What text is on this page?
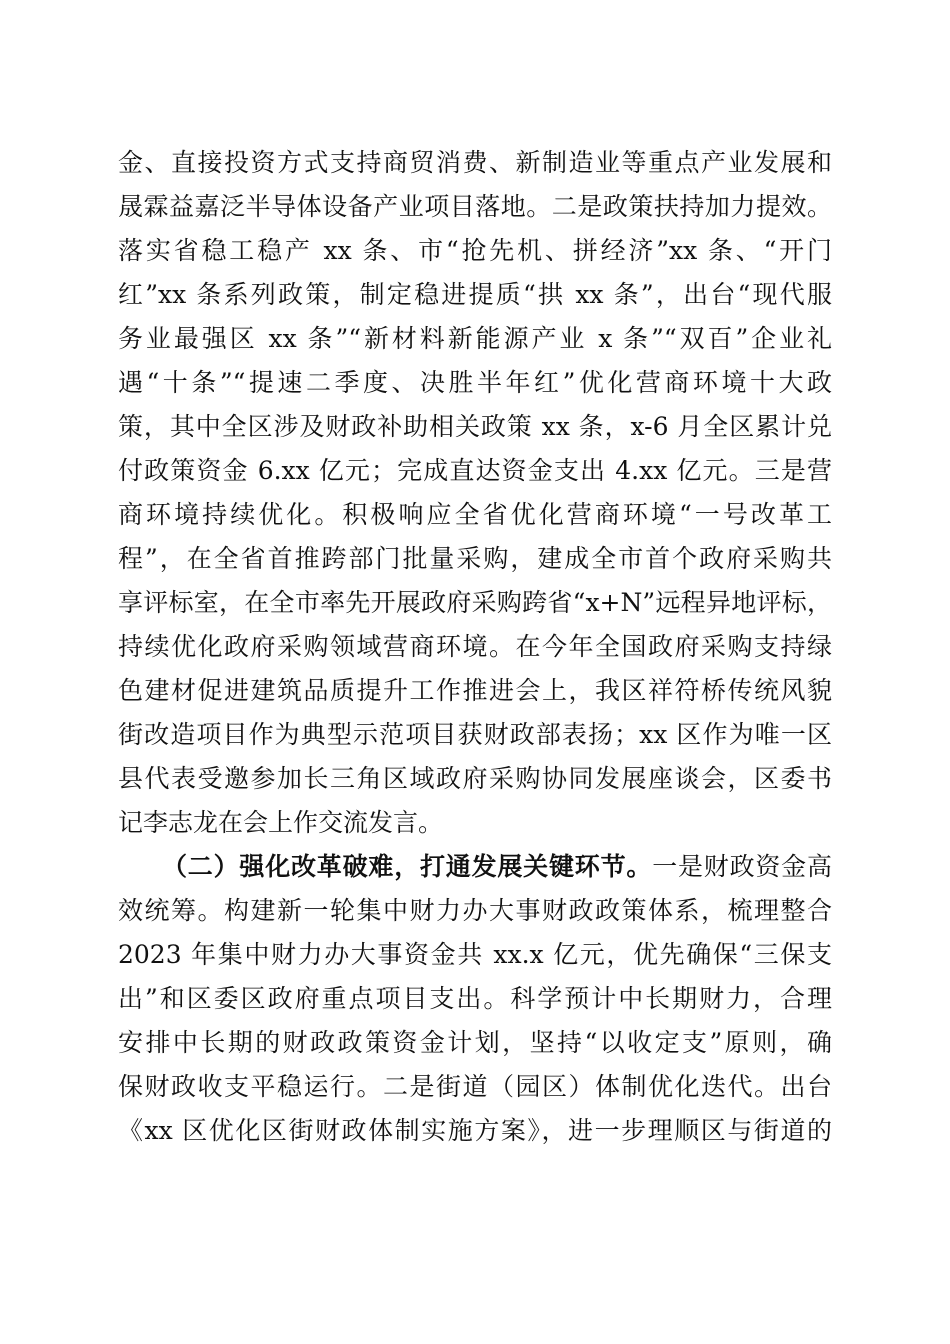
金、直接投资方式支持商贸消费、新制造业等重点产业发展和
晟霖益嘉泛半导体设备产业项目落地。二是政策扶持加力提效。
落实省稳工稳产 xx 条、市“抢先机、拼经济”xx 条、“开门
红”xx 条系列政策，制定稳进提质“拱 xx 条”，出台“现代服
务业最强区 xx 条”“新材料新能源产业 x 条”“双百”企业礼
遇“十条”“提速二季度、决胜半年红”优化营商环境十大政
策，其中全区涉及财政补助相关政策 xx 条，x-6 月全区累计兑
付政策资金 6.xx 亿元；完成直达资金支出 4.xx 亿元。三是营
商环境持续优化。积极响应全省优化营商环境“一号改革工
程”，在全省首推跨部门批量采购，建成全市首个政府采购共
享评标室，在全市率先开展政府采购跨省“x+N”远程异地评标，
持续优化政府采购领域营商环境。在今年全国政府采购支持绿
色建材促进建筑品质提升工作推进会上，我区祥符桥传统风貌
街改造项目作为典型示范项目获财政部表扬；xx 区作为唯一区
县代表受邀参加长三角区域政府采购协同发展座谈会，区委书
记李志龙在会上作交流发言。
（二）强化改革破难，打通发展关键环节。一是财政资金高
效统筹。构建新一轮集中财力办大事财政政策体系，梳理整合
2023 年集中财力办大事资金共 xx.x 亿元，优先确保“三保支
出”和区委区政府重点项目支出。科学预计中长期财力，合理
安排中长期的财政政策资金计划，坚持“以收定支”原则，确
保财政收支平稳运行。二是街道（园区）体制优化迭代。出台
《xx 区优化区街财政体制实施方案》，进一步理顺区与街道的
